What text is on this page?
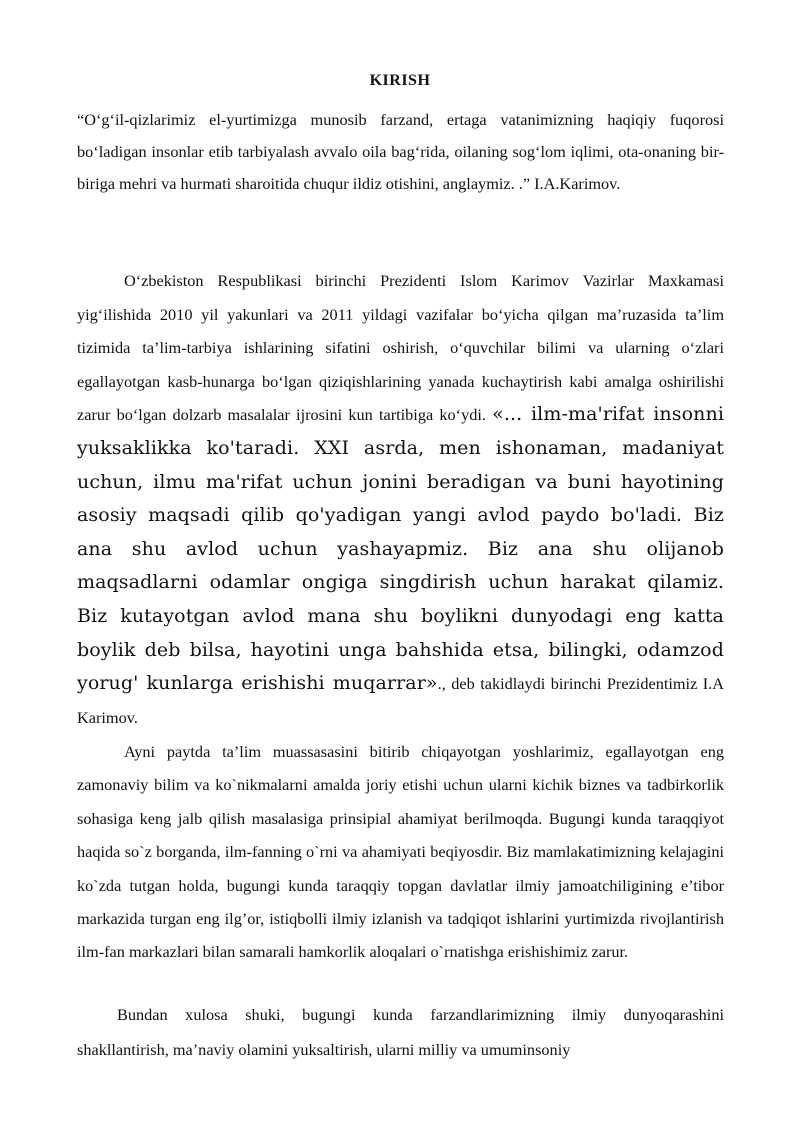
KIRISH

“O‘g‘il-qizlarimiz el-yurtimizga munosib farzand, ertaga vatanimizning haqiqiy fuqorosi bo‘ladigan insonlar etib tarbiyalash avvalo oila bag‘rida, oilaning sog‘lom iqlimi, ota-onaning bir-biriga mehri va hurmati sharoitida chuqur ildiz otishini, anglaymiz. .” I.A.Karimov.

O‘zbekiston Respublikasi birinchi Prezidenti Islom Karimov Vazirlar Maxkamasi yig‘ilishida 2010 yil yakunlari va 2011 yildagi vazifalar bo‘yicha qilgan ma’ruzasida ta’lim tizimida ta’lim-tarbiya ishlarining sifatini oshirish, o‘quvchilar bilimi va ularning o‘zlari egallayotgan kasb-hunarga bo‘lgan qiziqishlarining yanada kuchaytirish kabi amalga oshirilishi zarur bo‘lgan dolzarb masalalar ijrosini kun tartibiga ko‘ydi. «... ilm-ma'rifat insonni yuksaklikka ko'taradi. XXI asrda, men ishonaman, madaniyat uchun, ilmu ma'rifat uchun jonini beradigan va buni hayotining asosiy maqsadi qilib qo'yadigan yangi avlod paydo bo'ladi. Biz ana shu avlod uchun yashayapmiz. Biz ana shu olijanob maqsadlarni odamlar ongiga singdirish uchun harakat qilamiz. Biz kutayotgan avlod mana shu boylikni dunyodagi eng katta boylik deb bilsa, hayotini unga bahshida etsa, bilingki, odamzod yorug' kunlarga erishishi muqarrar»., deb takidlaydi birinchi Prezidentimiz I.A Karimov.

Ayni paytda ta’lim muassasasini bitirib chiqayotgan yoshlarimiz, egallayotgan eng zamonaviy bilim va ko`nikmalarni amalda joriy etishi uchun ularni kichik biznes va tadbirkorlik sohasiga keng jalb qilish masalasiga prinsipial ahamiyat berilmoqda. Bugungi kunda taraqqiyot haqida so`z borganda, ilm-fanning o`rni va ahamiyati beqiyosdir. Biz mamlakatimizning kelajagini ko`zda tutgan holda, bugungi kunda taraqqiy topgan davlatlar ilmiy jamoatchiligining e’tibor markazida turgan eng ilg’or, istiqbolli ilmiy izlanish va tadqiqot ishlarini yurtimizda rivojlantirish ilm-fan markazlari bilan samarali hamkorlik aloqalari o`rnatishga erishishimiz zarur.

Bundan xulosa shuki, bugungi kunda farzandlarimizning ilmiy dunyoqarashini shakllantirish, ma’naviy olamini yuksaltirish, ularni milliy va umuminsoniy
